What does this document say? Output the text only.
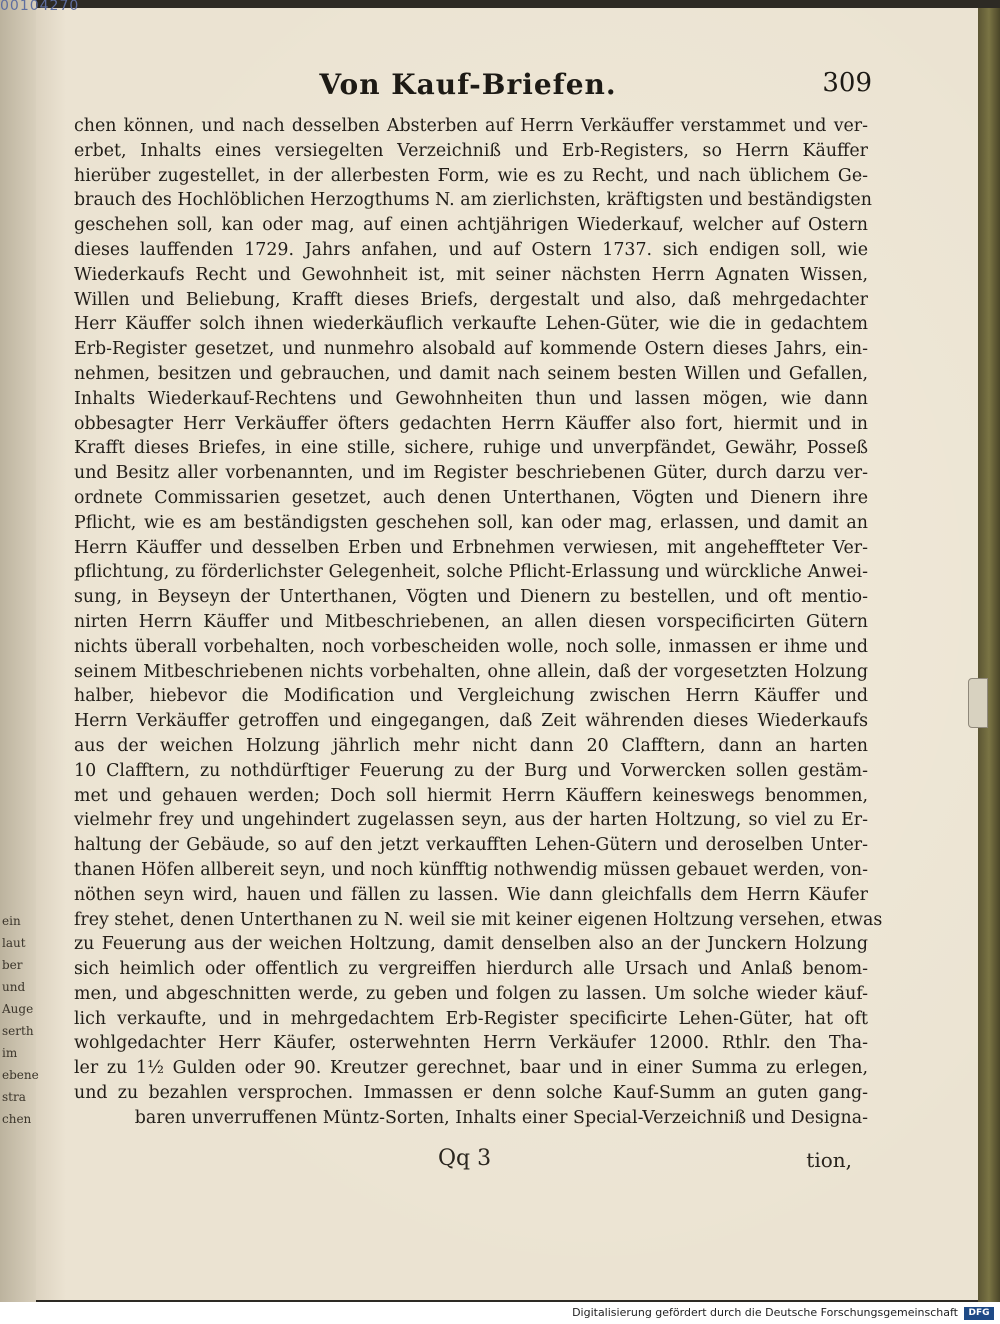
Von Kauf-Briefen.	309
chen können, und nach desselben Absterben auf Herrn Verkäuffer verstammet und ver-
erbet, Inhalts eines versiegelten Verzeichniß und Erb-Registers, so Herrn Käuffer
hierüber zugestellet, in der allerbesten Form, wie es zu Recht, und nach üblichem Ge-
brauch des Hochlöblichen Herzogthums N. am zierlichsten, kräftigsten und beständigsten
geschehen soll, kan oder mag, auf einen achtjährigen Wiederkauf, welcher auf Ostern
dieses lauffenden 1729. Jahrs anfahen, und auf Ostern 1737. sich endigen soll, wie
Wiederkaufs Recht und Gewohnheit ist, mit seiner nächsten Herrn Agnaten Wissen,
Willen und Beliebung, Krafft dieses Briefs, dergestalt und also, daß mehrgedachter
Herr Käuffer solch ihnen wiederkäuflich verkaufte Lehen-Güter, wie die in gedachtem
Erb-Register gesetzet, und nunmehro alsobald auf kommende Ostern dieses Jahrs, ein-
nehmen, besitzen und gebrauchen, und damit nach seinem besten Willen und Gefallen,
Inhalts Wiederkauf-Rechtens und Gewohnheiten thun und lassen mögen, wie dann
obbesagter Herr Verkäuffer öfters gedachten Herrn Käuffer also fort, hiermit und in
Krafft dieses Briefes, in eine stille, sichere, ruhige und unverpfändet, Gewähr, Posseß
und Besitz aller vorbenannten, und im Register beschriebenen Güter, durch darzu ver-
ordnete Commissarien gesetzet, auch denen Unterthanen, Vögten und Dienern ihre
Pflicht, wie es am beständigsten geschehen soll, kan oder mag, erlassen, und damit an
Herrn Käuffer und desselben Erben und Erbnehmen verwiesen, mit angeheffteter Ver-
pflichtung, zu förderlichster Gelegenheit, solche Pflicht-Erlassung und würckliche Anwei-
sung, in Beyseyn der Unterthanen, Vögten und Dienern zu bestellen, und oft mentio-
nirten Herrn Käuffer und Mitbeschriebenen, an allen diesen vorspecificirten Gütern
nichts überall vorbehalten, noch vorbescheiden wolle, noch solle, inmassen er ihme und
seinem Mitbeschriebenen nichts vorbehalten, ohne allein, daß der vorgesetzten Holzung
halber, hiebevor die Modification und Vergleichung zwischen Herrn Käuffer und
Herrn Verkäuffer getroffen und eingegangen, daß Zeit währenden dieses Wiederkaufs
aus der weichen Holzung jährlich mehr nicht dann 20 Clafftern, dann an harten
10 Clafftern, zu nothdürftiger Feuerung zu der Burg und Vorwercken sollen gestäm-
met und gehauen werden; Doch soll hiermit Herrn Käuffern keineswegs benommen,
vielmehr frey und ungehindert zugelassen seyn, aus der harten Holtzung, so viel zu Er-
haltung der Gebäude, so auf den jetzt verkaufften Lehen-Gütern und deroselben Unter-
thanen Höfen allbereit seyn, und noch künfftig nothwendig müssen gebauet werden, von-
nöthen seyn wird, hauen und fällen zu lassen. Wie dann gleichfalls dem Herrn Käufer
frey stehet, denen Unterthanen zu N. weil sie mit keiner eigenen Holtzung versehen, etwas
zu Feuerung aus der weichen Holtzung, damit denselben also an der Junckern Holzung
sich heimlich oder offentlich zu vergreiffen hierdurch alle Ursach und Anlaß benom-
men, und abgeschnitten werde, zu geben und folgen zu lassen. Um solche wieder käuf-
lich verkaufte, und in mehrgedachtem Erb-Register specificirte Lehen-Güter, hat oft
wohlgedachter Herr Käufer, osterwehnten Herrn Verkäufer 12000. Rthlr. den Tha-
ler zu 1½ Gulden oder 90. Kreutzer gerechnet, baar und in einer Summa zu erlegen,
und zu bezahlen versprochen. Immassen er denn solche Kauf-Summ an guten gang-
baren unverruffenen Müntz-Sorten, Inhalts einer Special-Verzeichniß und Designa-
Qq 3	tion,
00104270
ein
laut
ber
und
Auge
serth
im
ebene
stra
chen
Digitalisierung gefördert durch die Deutsche Forschungsgemeinschaft	DFG
